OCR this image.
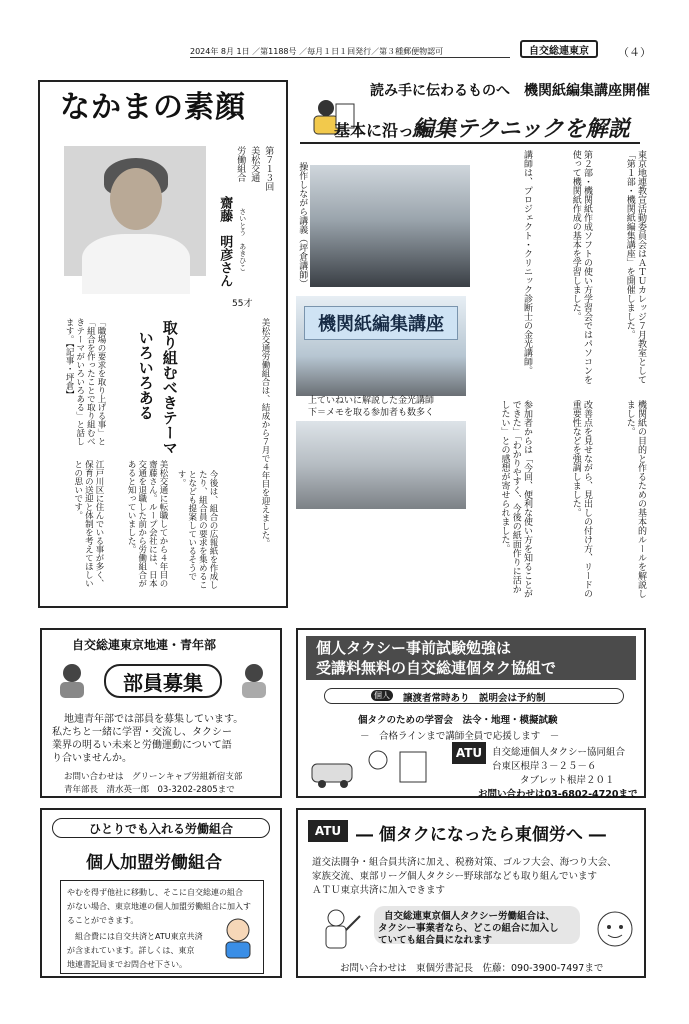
2024年 8月 1日 ／第1188号 ／毎月１日１回発行／第３種郵便物認可	自交総連東京	（４）
なかまの素顔
第７１３回
美松交通
労働組合
齋藤　明彦さん さいとう　あきひこ
55才
取り組むべきテーマ
いろいろある	美松交通労働組合は、結成から７月で４年目を迎えました。
美松交通に転職してから４年目の齋藤さん。ループ会社には、日本交通を退職した前から労働組合があると知っていました。
江戸川区に住んでいる事が多く、保育の送迎と体制を考えてほしいとの思いです。	今後は、組合の広報紙を作成したり、組合員の要求を集めることなども提案しているそうです。
「職場の要求を取り上げる事」と「組合を作ったことで取り組むべきテーマがいろいろある」と話します。【記事・坪倉】
読み手に伝わるものへ　機関紙編集講座開催
基本に沿った
編集テクニックを解説
操作しながら講義（坪倉講師）
機関紙編集講座
上ていねいに解説した金光講師
下＝メモを取る参加者も数多く
東京地連教宣活動委員会はＡＴＵカレッジ７月教室として「第１部・機関紙編集講座」を開催しました。
第２部・機関紙作成ソフトの使い方学習会ではパソコンを使って機関紙作成の基本を学習しました。
講師は、プロジェクト・クリニック診断士の金光講師。
機関紙の目的と作るための基本的ルールを解説しました。
改善点を見せながら、見出しの付け方、リードの重要性などを強調しました。
参加者からは「今回、便利な使い方を知ることができた」「わかりやすく、今後の紙面作りに活かしたい」との感想が寄せられました。
自交総連東京地連・青年部
部員募集
地連青年部では部員を募集しています。
私たちと一緒に学習・交流し、タクシー
業界の明るい未来と労働運動について語
り合いませんか。
お問い合わせは　グリーンキャブ労組新宿支部
青年部長　清水英一郎　03-3202-2805まで
個人タクシー事前試験勉強は
受講料無料の自交総連個タク協組で
個人	譲渡者常時あり　説明会は予約制
個タクのための学習会　法令・地理・模擬試験
－　合格ラインまで講師全員で応援します　－
ATU	自交総連個人タクシー協同組合
台東区根岸３－２５－６
タブレット根岸２０１
お問い合わせは03-6802-4720まで
ひとりでも入れる労働組合
個人加盟労働組合
やむを得ず他社に移動し、そこに自交総連の組合
がない場合、東京地連の個人加盟労働組合に加入す
ることができます。
　組合費には自交共済とATU東京共済
が含まれています。詳しくは、東京
地連書記局までお問合せ下さい。
ATU ― 個タクになったら東個労へ ―
道交法闘争・組合員共済に加え、税務対策、ゴルフ大会、海つり大会、
家族交流、東部リーグ個人タクシー野球部なども取り組んでいます
ＡＴＵ東京共済に加入できます
自交総連東京個人タクシー労働組合は、
タクシー事業者なら、どこの組合に加入し
ていても組合員になれます
お問い合わせは　東個労書記長　佐藤：090-3900-7497まで
